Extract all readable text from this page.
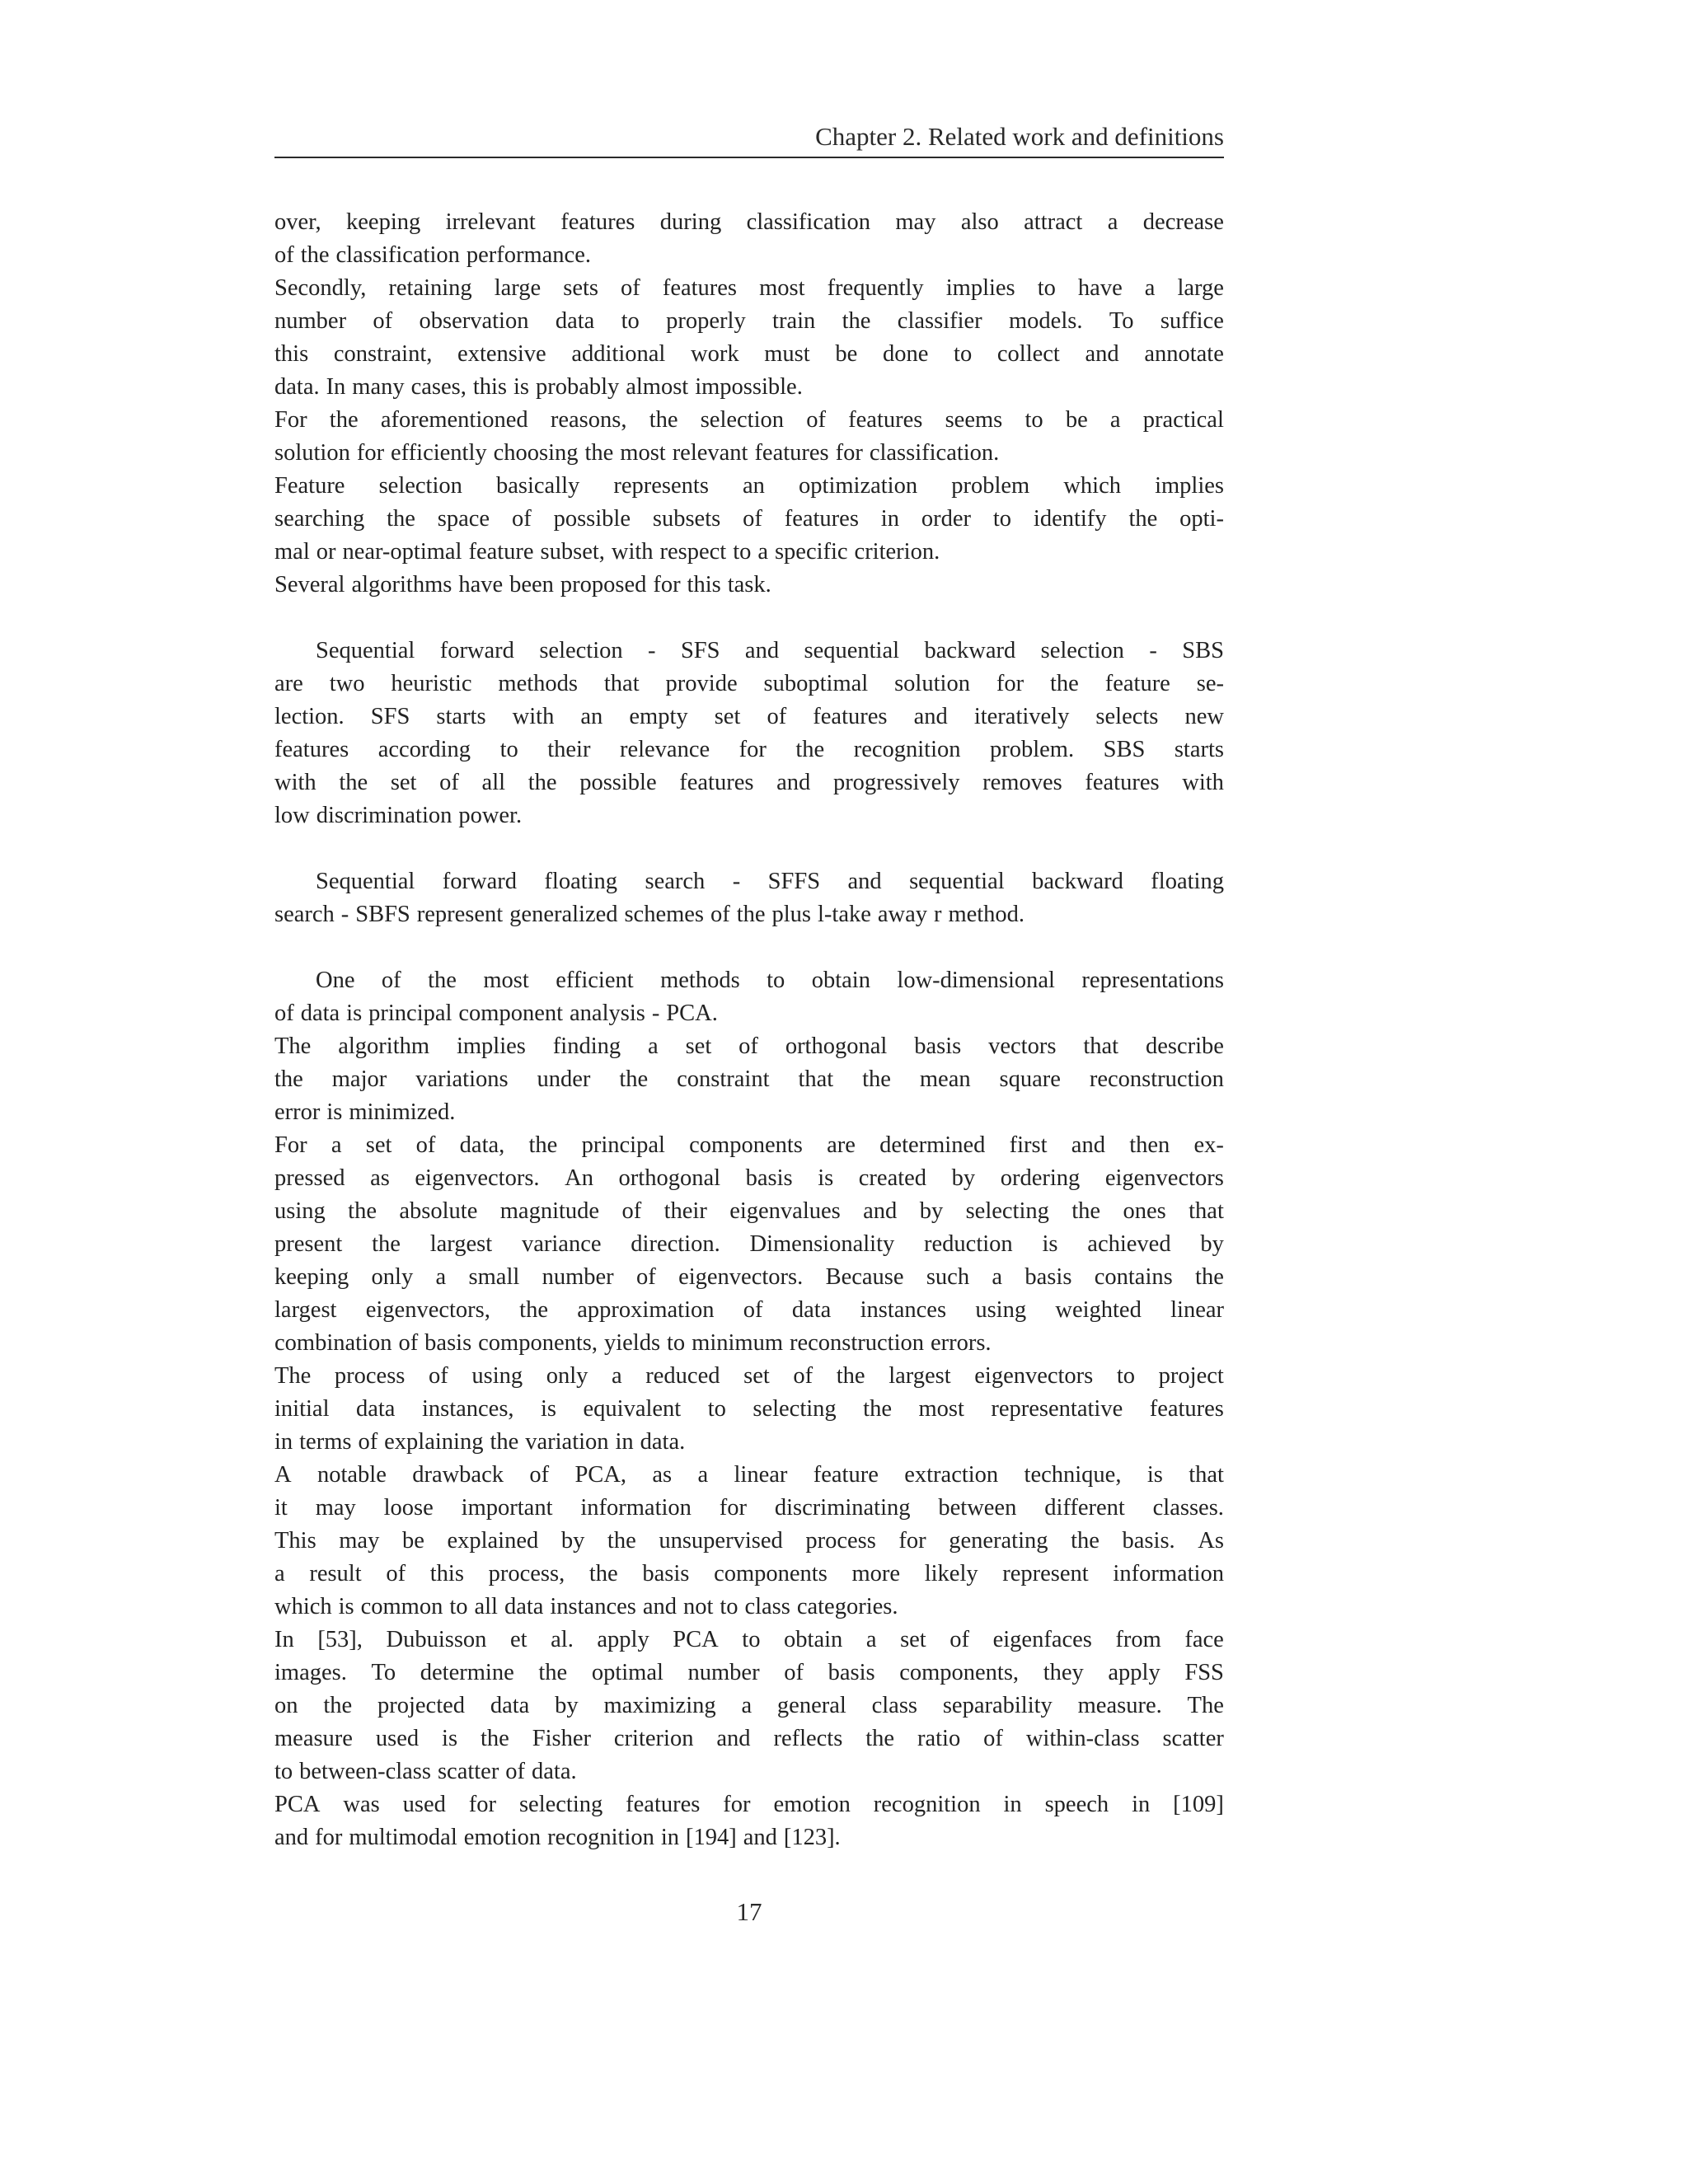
Chapter 2. Related work and definitions
over, keeping irrelevant features during classification may also attract a decrease
of the classification performance.
Secondly, retaining large sets of features most frequently implies to have a large
number of observation data to properly train the classifier models. To suffice
this constraint, extensive additional work must be done to collect and annotate
data. In many cases, this is probably almost impossible.
For the aforementioned reasons, the selection of features seems to be a practical
solution for efficiently choosing the most relevant features for classification.
Feature selection basically represents an optimization problem which implies
searching the space of possible subsets of features in order to identify the opti-
mal or near-optimal feature subset, with respect to a specific criterion.
Several algorithms have been proposed for this task.
Sequential forward selection - SFS and sequential backward selection - SBS
are two heuristic methods that provide suboptimal solution for the feature se-
lection. SFS starts with an empty set of features and iteratively selects new
features according to their relevance for the recognition problem. SBS starts
with the set of all the possible features and progressively removes features with
low discrimination power.
Sequential forward floating search - SFFS and sequential backward floating
search - SBFS represent generalized schemes of the plus l-take away r method.
One of the most efficient methods to obtain low-dimensional representations
of data is principal component analysis - PCA.
The algorithm implies finding a set of orthogonal basis vectors that describe
the major variations under the constraint that the mean square reconstruction
error is minimized.
For a set of data, the principal components are determined first and then ex-
pressed as eigenvectors. An orthogonal basis is created by ordering eigenvectors
using the absolute magnitude of their eigenvalues and by selecting the ones that
present the largest variance direction. Dimensionality reduction is achieved by
keeping only a small number of eigenvectors. Because such a basis contains the
largest eigenvectors, the approximation of data instances using weighted linear
combination of basis components, yields to minimum reconstruction errors.
The process of using only a reduced set of the largest eigenvectors to project
initial data instances, is equivalent to selecting the most representative features
in terms of explaining the variation in data.
A notable drawback of PCA, as a linear feature extraction technique, is that
it may loose important information for discriminating between different classes.
This may be explained by the unsupervised process for generating the basis. As
a result of this process, the basis components more likely represent information
which is common to all data instances and not to class categories.
In [53], Dubuisson et al. apply PCA to obtain a set of eigenfaces from face
images. To determine the optimal number of basis components, they apply FSS
on the projected data by maximizing a general class separability measure. The
measure used is the Fisher criterion and reflects the ratio of within-class scatter
to between-class scatter of data.
PCA was used for selecting features for emotion recognition in speech in [109]
and for multimodal emotion recognition in [194] and [123].
17
